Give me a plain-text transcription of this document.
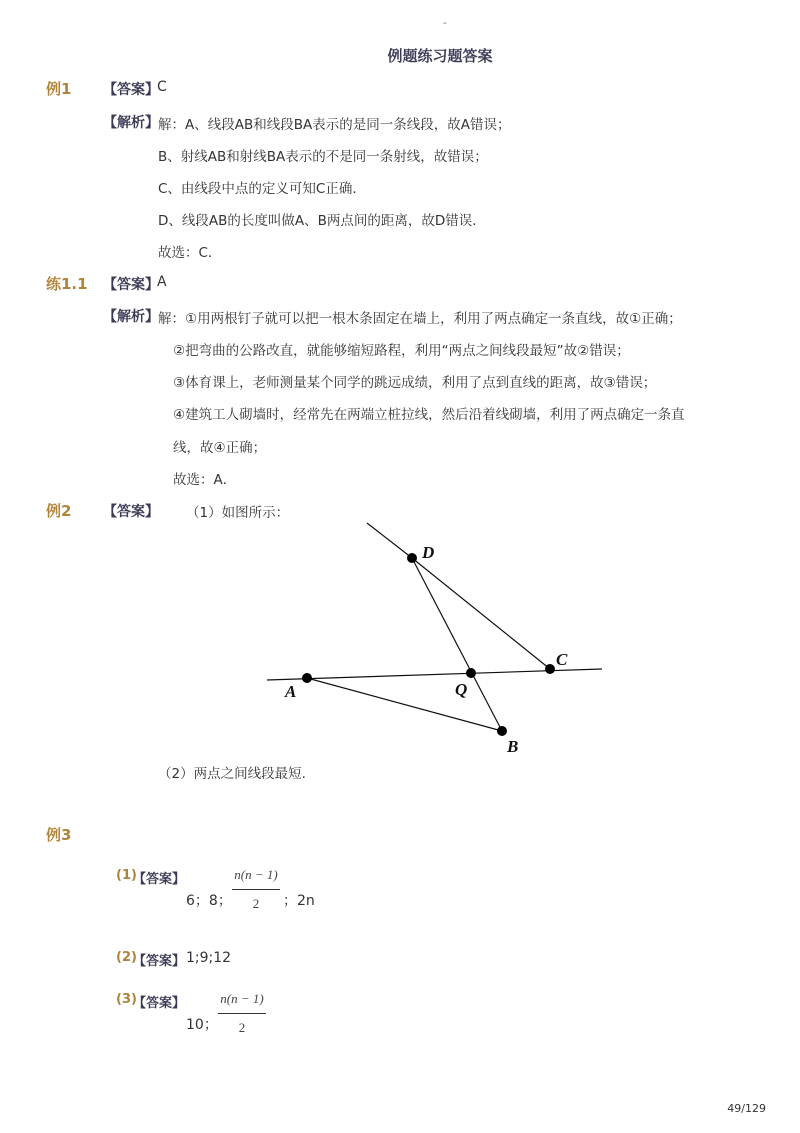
-
例题练习题答案
例1 【答案】
C
【解析】 解：A、线段AB和线段BA表示的是同一条线段，故A错误；
B、射线AB和射线BA表示的不是同一条射线，故错误；
C、由线段中点的定义可知C正确．
D、线段AB的长度叫做A、B两点间的距离，故D错误．
故选：C．
练1.1 【答案】
A
【解析】 解：①用两根钉子就可以把一根木条固定在墙上，利用了两点确定一条直线，故①正确；
②把弯曲的公路改直，就能够缩短路程，利用“两点之间线段最短”故②错误；
③体育课上，老师测量某个同学的跳远成绩，利用了点到直线的距离，故③错误；
④建筑工人砌墙时，经常先在两端立桩拉线，然后沿着线砌墙，利用了两点确定一条直
线，故④正确；
故选：A．
例2 【答案】 （1）如图所示：
D
C
A	Q
B
（2）两点之间线段最短.
例3
(1)
【答案】
6；8；
n(n − 1)
2	；2n
(2)
【答案】 1;9;12
(3)
【答案】
10；
n(n − 1)
2
49/129
